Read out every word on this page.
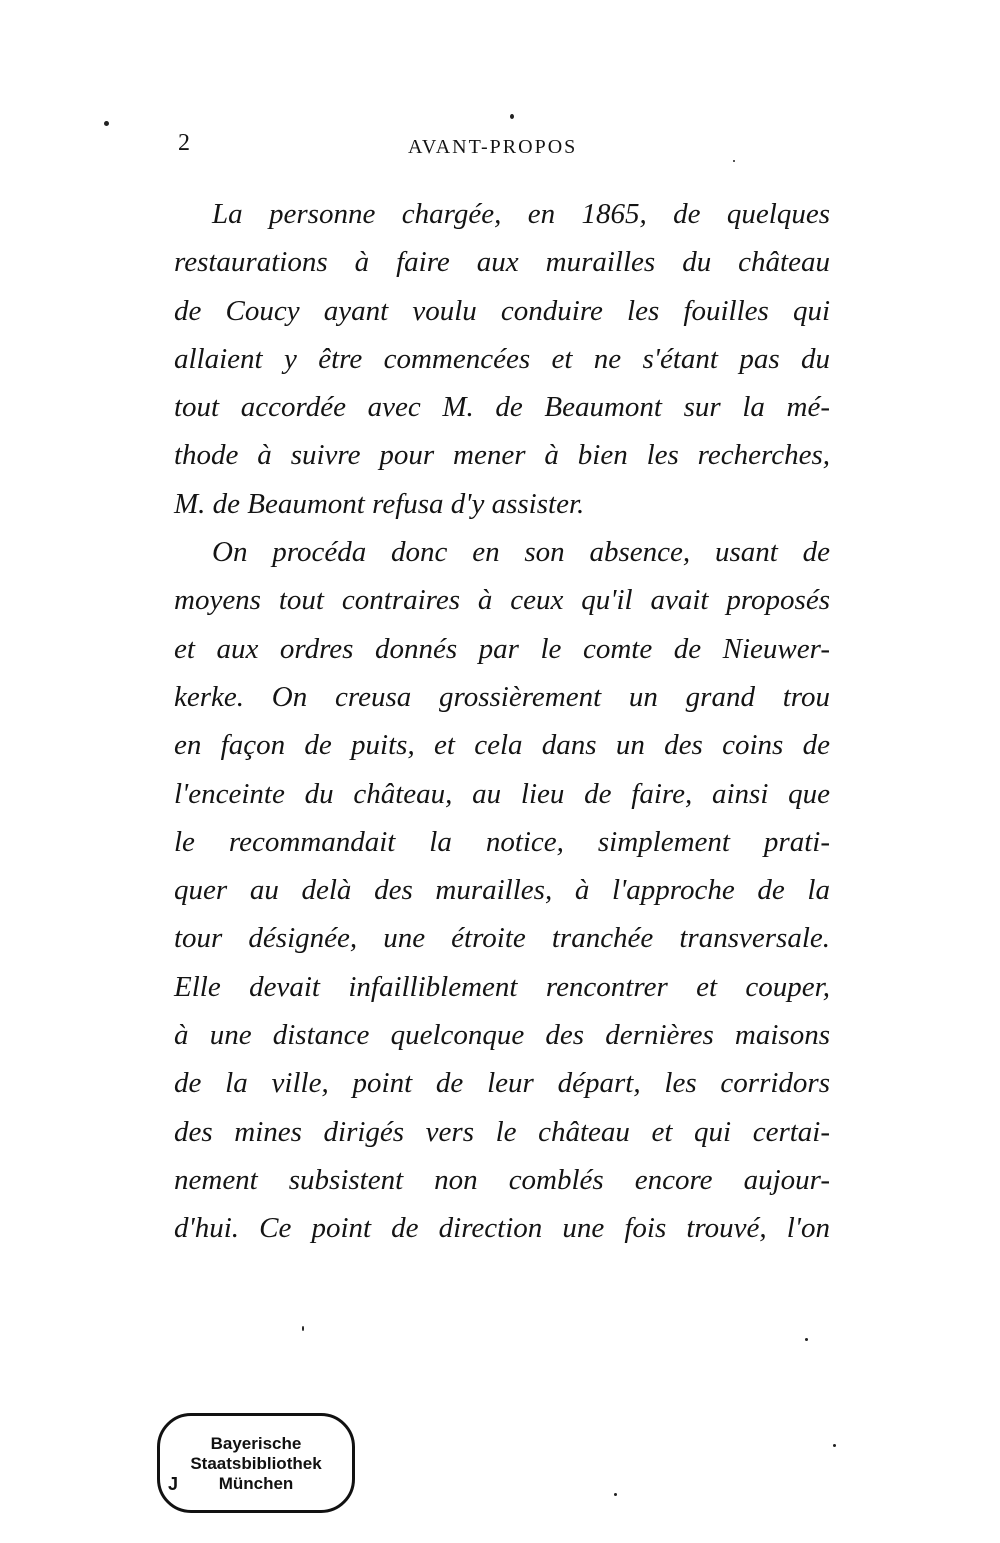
2	AVANT-PROPOS
La personne chargée, en 1865, de quelques
restaurations à faire aux murailles du château
de Coucy ayant voulu conduire les fouilles qui
allaient y être commencées et ne s'étant pas du
tout accordée avec M. de Beaumont sur la mé-
thode à suivre pour mener à bien les recherches,
M. de Beaumont refusa d'y assister.
On procéda donc en son absence, usant de
moyens tout contraires à ceux qu'il avait proposés
et aux ordres donnés par le comte de Nieuwer-
kerke. On creusa grossièrement un grand trou
en façon de puits, et cela dans un des coins de
l'enceinte du château, au lieu de faire, ainsi que
le recommandait la notice, simplement prati-
quer au delà des murailles, à l'approche de la
tour désignée, une étroite tranchée transversale.
Elle devait infailliblement rencontrer et couper,
à une distance quelconque des dernières maisons
de la ville, point de leur départ, les corridors
des mines dirigés vers le château et qui certai-
nement subsistent non comblés encore aujour-
d'hui. Ce point de direction une fois trouvé, l'on
Bayerische
Staatsbibliothek
München
J
